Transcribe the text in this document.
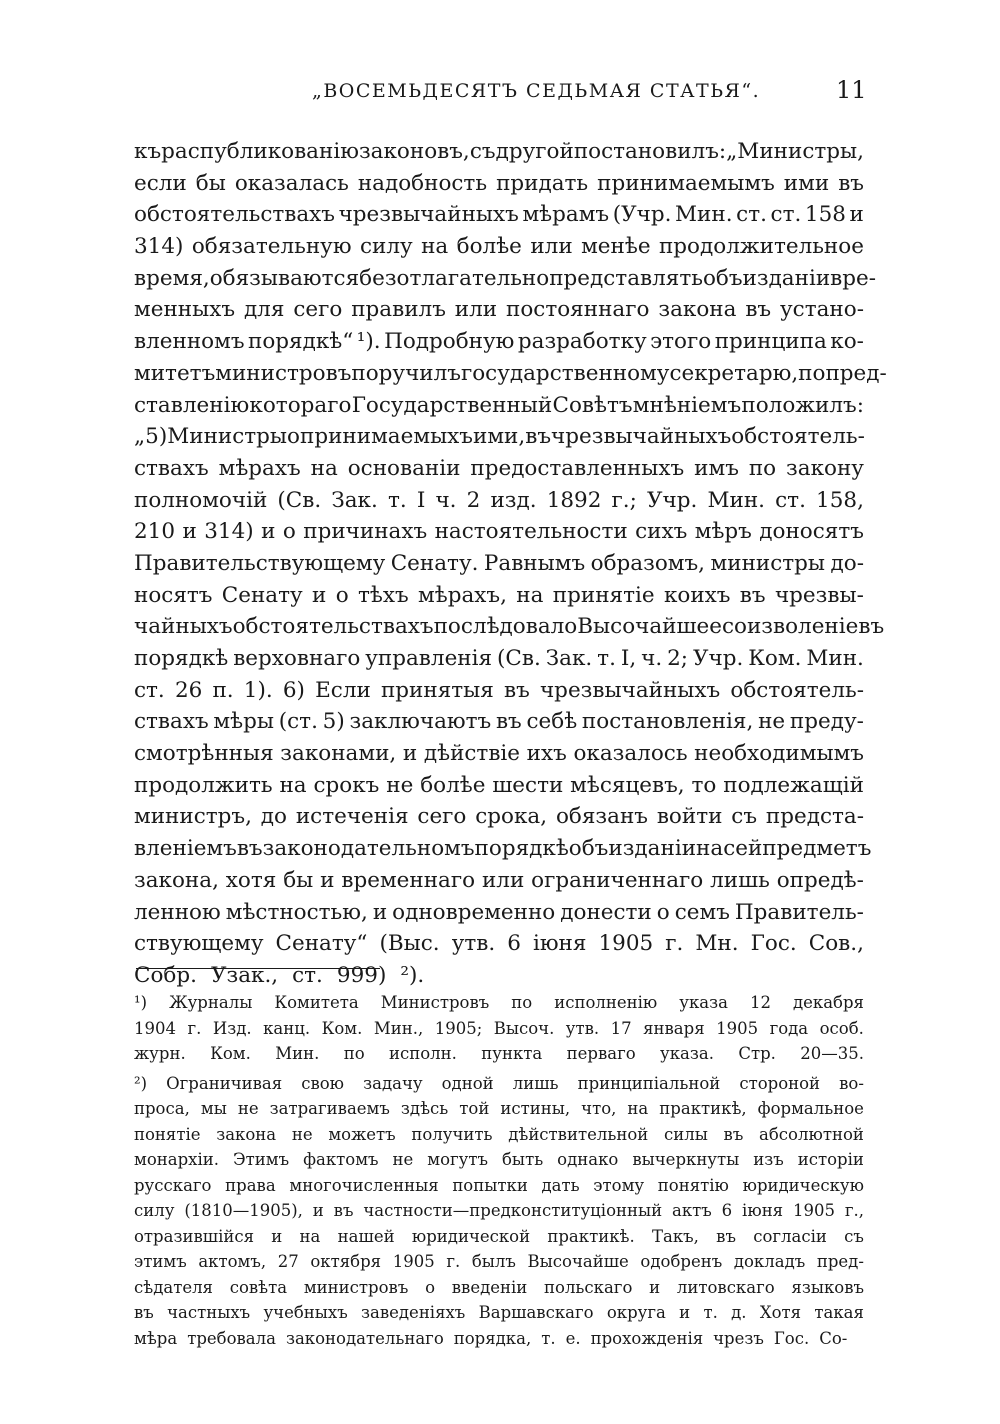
„ВОСЕМЬДЕСЯТЪ СЕДЬМАЯ СТАТЬЯ“.	11
къ распубликованію законовъ, съ другой постановилъ: „Министры,
если бы оказалась надобность придать принимаемымъ ими въ
обстоятельствахъ чрезвычайныхъ мѣрамъ (Учр. Мин. ст. ст. 158 и
314) обязательную силу на болѣе или менѣе продолжительное
время, обязываются безотлагательно представлять объ изданіи вре-
менныхъ для сего правилъ или постояннаго закона въ устано-
вленномъ порядкѣ“ ¹). Подробную разработку этого принципа ко-
митетъ министровъ поручилъ государственному секретарю, по пред-
ставленію котораго Государственный Совѣтъ мнѣніемъ положилъ:
„5) Министры о принимаемыхъ ими, въ чрезвычайныхъ обстоятель-
ствахъ мѣрахъ на основаніи предоставленныхъ имъ по закону
полномочій (Св. Зак. т. I ч. 2 изд. 1892 г.; Учр. Мин. ст. 158,
210 и 314) и о причинахъ настоятельности сихъ мѣръ доносятъ
Правительствующему Сенату. Равнымъ образомъ, министры до-
носятъ Сенату и о тѣхъ мѣрахъ, на принятіе коихъ въ чрезвы-
чайныхъ обстоятельствахъ послѣдовало Высочайшее соизволеніе въ
порядкѣ верховнаго управленія (Св. Зак. т. I, ч. 2; Учр. Ком. Мин.
ст. 26 п. 1). 6) Если принятыя въ чрезвычайныхъ обстоятель-
ствахъ мѣры (ст. 5) заключаютъ въ себѣ постановленія, не преду-
смотрѣнныя законами, и дѣйствіе ихъ оказалось необходимымъ
продолжить на срокъ не болѣе шести мѣсяцевъ, то подлежащій
министръ, до истеченія сего срока, обязанъ войти съ предста-
вленіемъ въ законодательномъ порядкѣ объ изданіи на сей предметъ
закона, хотя бы и временнаго или ограниченнаго лишь опредѣ-
ленною мѣстностью, и одновременно донести о семъ Правитель-
ствующему Сенату“ (Выс. утв. 6 іюня 1905 г. Мн. Гос. Сов.,
Собр. Узак., ст. 999) ²).
¹) Журналы Комитета Министровъ по исполненію указа 12 декабря
1904 г. Изд. канц. Ком. Мин., 1905; Высоч. утв. 17 января 1905 года особ.
журн. Ком. Мин. по исполн. пункта перваго указа. Стр. 20—35.
²) Ограничивая свою задачу одной лишь принципіальной стороной во-
проса, мы не затрагиваемъ здѣсь той истины, что, на практикѣ, формальное
понятіе закона не можетъ получить дѣйствительной силы въ абсолютной
монархіи. Этимъ фактомъ не могутъ быть однако вычеркнуты изъ исторіи
русскаго права многочисленныя попытки дать этому понятію юридическую
силу (1810—1905), и въ частности—предконституціонный актъ 6 іюня 1905 г.,
отразившійся и на нашей юридической практикѣ. Такъ, въ согласіи съ
этимъ актомъ, 27 октября 1905 г. былъ Высочайше одобренъ докладъ пред-
сѣдателя совѣта министровъ о введеніи польскаго и литовскаго языковъ
въ частныхъ учебныхъ заведеніяхъ Варшавскаго округа и т. д. Хотя такая
мѣра требовала законодательнаго порядка, т. е. прохожденія чрезъ Гос. Со-
